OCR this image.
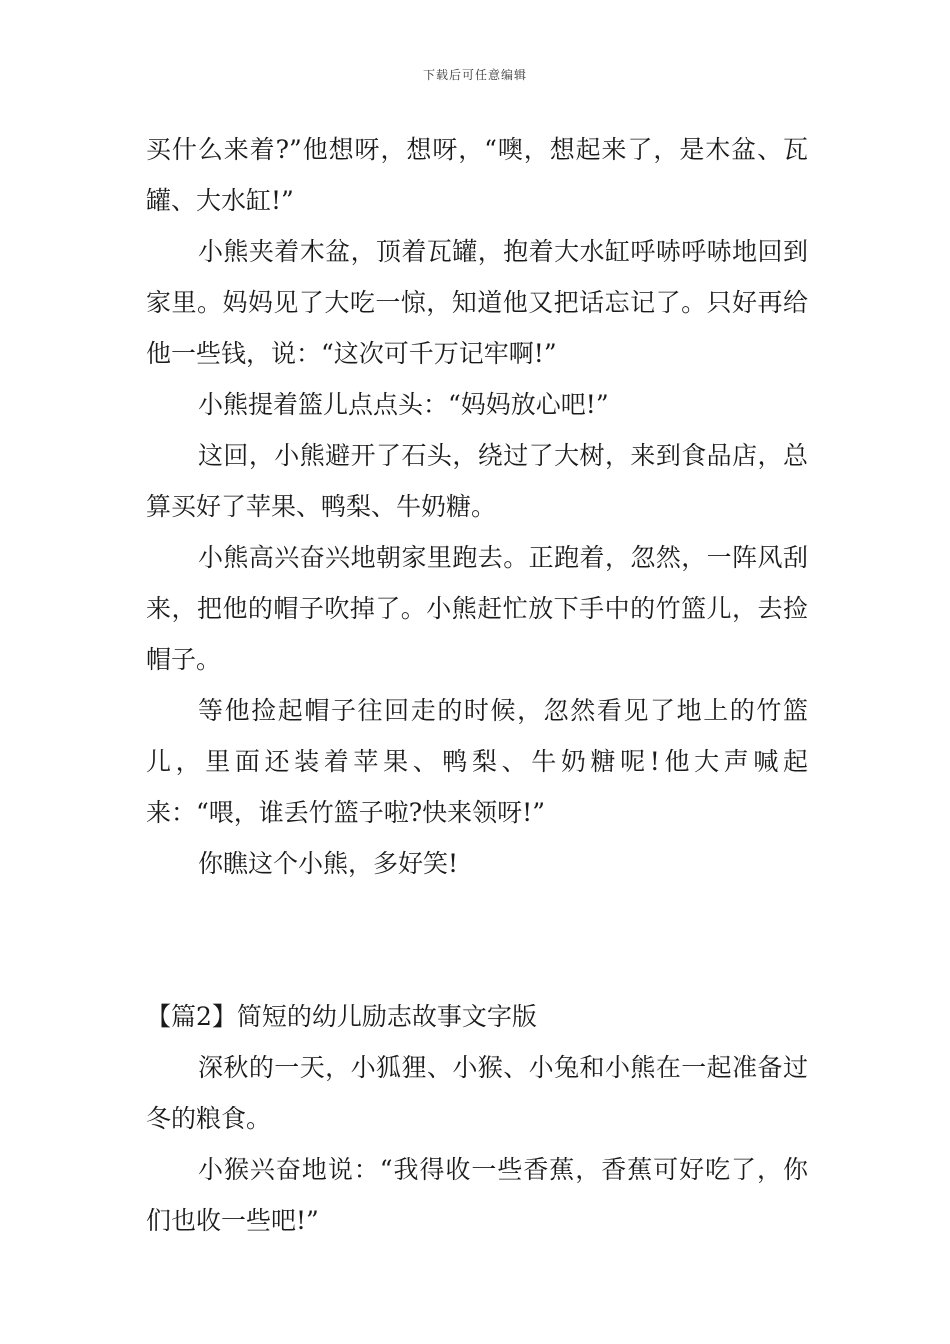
下载后可任意编辑

买什么来着?”他想呀，想呀，“噢，想起来了，是木盆、瓦罐、大水缸!”

小熊夹着木盆，顶着瓦罐，抱着大水缸呼哧呼哧地回到家里。妈妈见了大吃一惊，知道他又把话忘记了。只好再给他一些钱，说：“这次可千万记牢啊!”

小熊提着篮儿点点头：“妈妈放心吧!”

这回，小熊避开了石头，绕过了大树，来到食品店，总算买好了苹果、鸭梨、牛奶糖。

小熊高兴奋兴地朝家里跑去。正跑着，忽然，一阵风刮来，把他的帽子吹掉了。小熊赶忙放下手中的竹篮儿，去捡帽子。

等他捡起帽子往回走的时候，忽然看见了地上的竹篮儿，里面还装着苹果、鸭梨、牛奶糖呢!他大声喊起来：“喂，谁丢竹篮子啦?快来领呀!”

你瞧这个小熊，多好笑!

【篇2】简短的幼儿励志故事文字版

深秋的一天，小狐狸、小猴、小兔和小熊在一起准备过冬的粮食。

小猴兴奋地说：“我得收一些香蕉，香蕉可好吃了，你们也收一些吧!”
